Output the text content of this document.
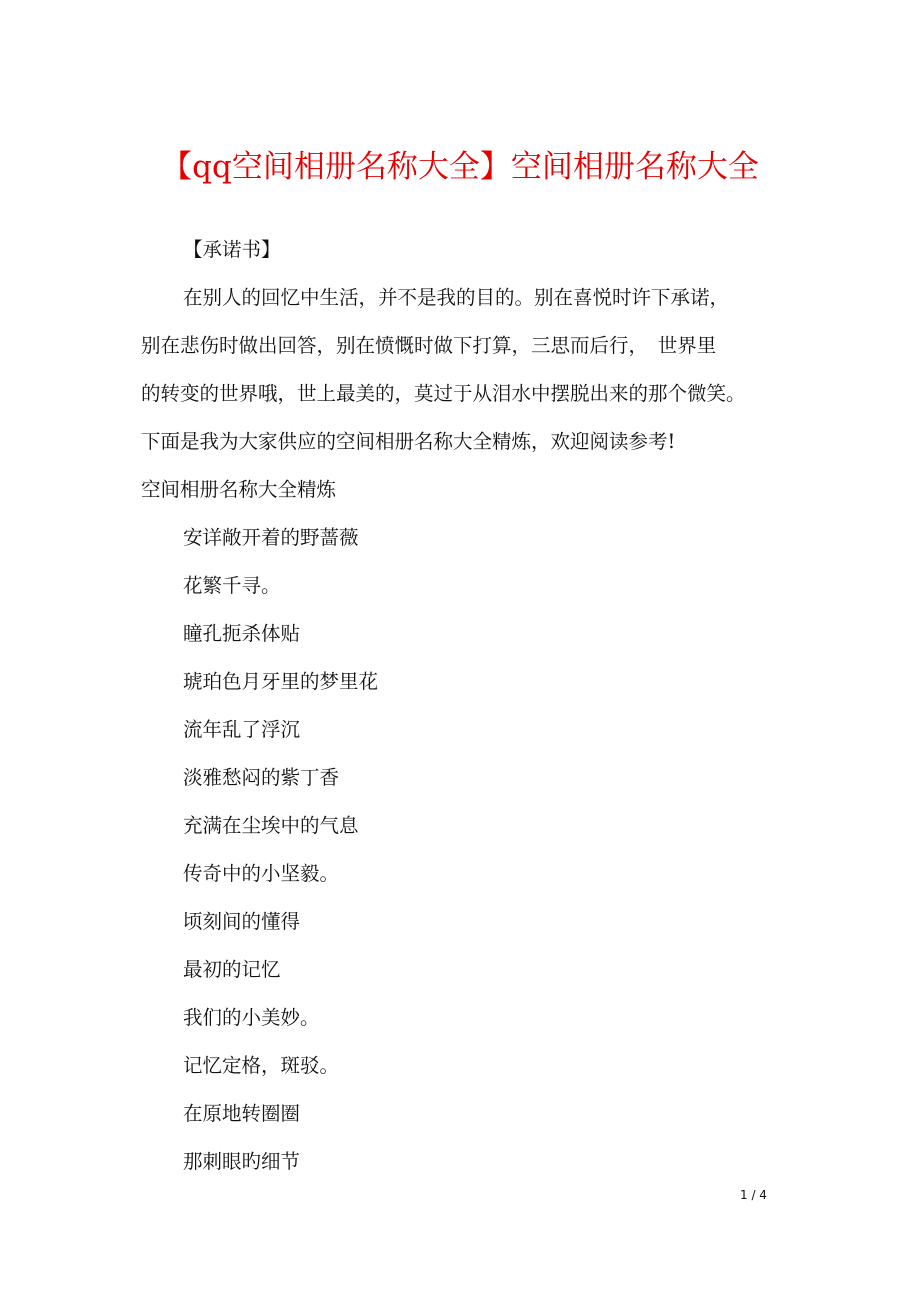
【qq空间相册名称大全】空间相册名称大全

【承诺书】

在别人的回忆中生活，并不是我的目的。别在喜悦时许下承诺，

别在悲伤时做出回答，别在愤慨时做下打算，三思而后行，　世界里

的转变的世界哦，世上最美的，莫过于从泪水中摆脱出来的那个微笑。

下面是我为大家供应的空间相册名称大全精炼，欢迎阅读参考!

空间相册名称大全精炼

安详敞开着的野蔷薇

花繁千寻。

瞳孔扼杀体贴

琥珀色月牙里的梦里花

流年乱了浮沉

淡雅愁闷的紫丁香

充满在尘埃中的气息

传奇中的小坚毅。

顷刻间的懂得

最初的记忆

我们的小美妙。

记忆定格，斑驳。

在原地转圈圈

那刺眼旳细节

1 / 4
